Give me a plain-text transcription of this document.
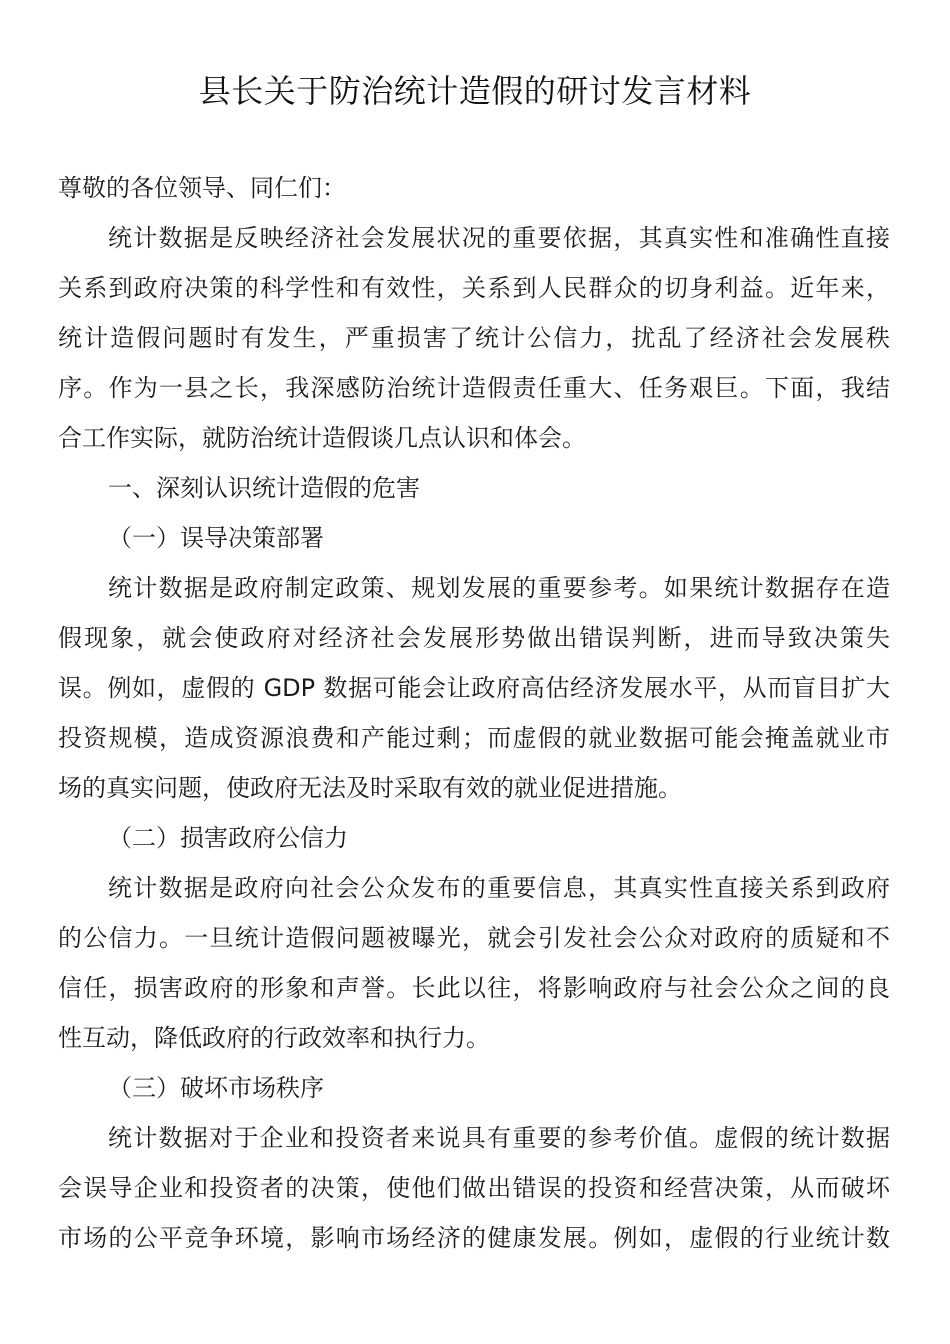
县长关于防治统计造假的研讨发言材料
尊敬的各位领导、同仁们：
统计数据是反映经济社会发展状况的重要依据，其真实性和准确性直接
关系到政府决策的科学性和有效性，关系到人民群众的切身利益。近年来，
统计造假问题时有发生，严重损害了统计公信力，扰乱了经济社会发展秩
序。作为一县之长，我深感防治统计造假责任重大、任务艰巨。下面，我结
合工作实际，就防治统计造假谈几点认识和体会。
一、深刻认识统计造假的危害
（一）误导决策部署
统计数据是政府制定政策、规划发展的重要参考。如果统计数据存在造
假现象，就会使政府对经济社会发展形势做出错误判断，进而导致决策失
误。例如，虚假的 GDP 数据可能会让政府高估经济发展水平，从而盲目扩大
投资规模，造成资源浪费和产能过剩；而虚假的就业数据可能会掩盖就业市
场的真实问题，使政府无法及时采取有效的就业促进措施。
（二）损害政府公信力
统计数据是政府向社会公众发布的重要信息，其真实性直接关系到政府
的公信力。一旦统计造假问题被曝光，就会引发社会公众对政府的质疑和不
信任，损害政府的形象和声誉。长此以往，将影响政府与社会公众之间的良
性互动，降低政府的行政效率和执行力。
（三）破坏市场秩序
统计数据对于企业和投资者来说具有重要的参考价值。虚假的统计数据
会误导企业和投资者的决策，使他们做出错误的投资和经营决策，从而破坏
市场的公平竞争环境，影响市场经济的健康发展。例如，虚假的行业统计数
